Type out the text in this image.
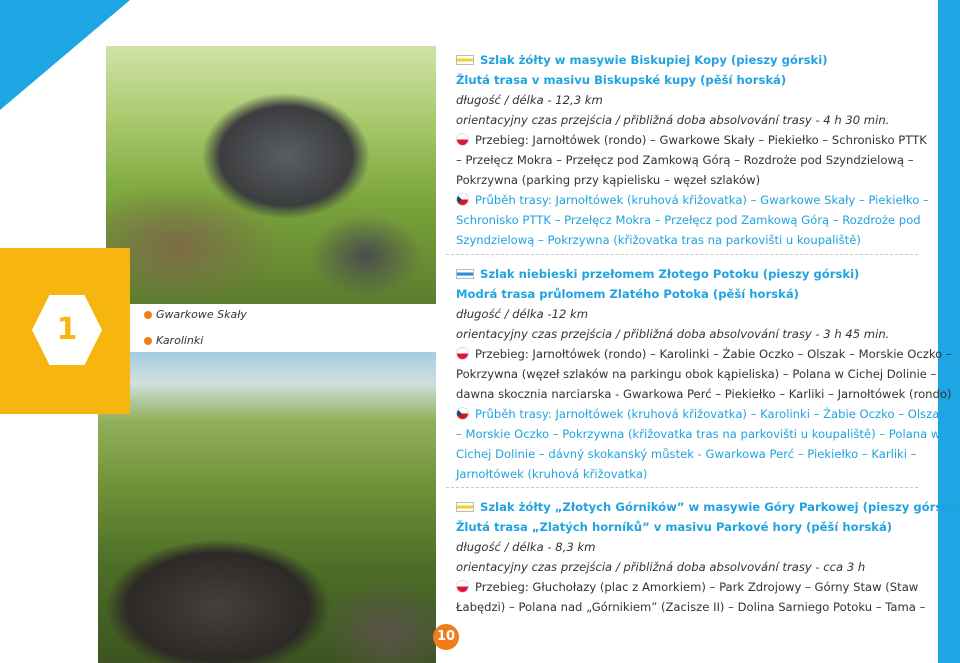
1	Gwarkowe Skały
Karolinki
Szlak żółty w masywie Biskupiej Kopy (pieszy górski)
Žlutá trasa v masivu Biskupské kupy (pěší horská)
długość / délka - 12,3 km
orientacyjny czas przejścia / přibližná doba absolvování trasy - 4 h 30 min.
Przebieg: Jarnołtówek (rondo) – Gwarkowe Skały – Piekiełko – Schronisko PTTK
– Przełęcz Mokra – Przełęcz pod Zamkową Górą – Rozdroże pod Szyndzielową –
Pokrzywna (parking przy kąpielisku – węzeł szlaków)
Průběh trasy: Jarnołtówek (kruhová křižovatka) – Gwarkowe Skały – Piekiełko –
Schronisko PTTK – Przełęcz Mokra – Przełęcz pod Zamkową Górą – Rozdroże pod
Szyndzielową – Pokrzywna (křižovatka tras na parkovišti u koupaliště)
Szlak niebieski przełomem Złotego Potoku (pieszy górski)
Modrá trasa průlomem Zlatého Potoka (pěší horská)
długość / délka -12 km
orientacyjny czas przejścia / přibližná doba absolvování trasy - 3 h 45 min.
Przebieg: Jarnołtówek (rondo) – Karolinki – Żabie Oczko – Olszak – Morskie Oczko –
Pokrzywna (węzeł szlaków na parkingu obok kąpieliska) – Polana w Cichej Dolinie –
dawna skocznia narciarska - Gwarkowa Perć – Piekiełko – Karliki – Jarnołtówek (rondo)
Průběh trasy: Jarnołtówek (kruhová křižovatka) – Karolinki – Żabie Oczko – Olszak
– Morskie Oczko – Pokrzywna (křižovatka tras na parkovišti u koupaliště) – Polana w
Cichej Dolinie – dávný skokanský můstek - Gwarkowa Perć – Piekiełko – Karliki –
Jarnołtówek (kruhová křižovatka)
Szlak żółty „Złotych Górników” w masywie Góry Parkowej (pieszy górski)
Žlutá trasa „Zlatých horníků” v masivu Parkové hory (pěší horská)
długość / délka - 8,3 km
orientacyjny czas przejścia / přibližná doba absolvování trasy - cca 3 h
Przebieg: Głuchołazy (plac z Amorkiem) – Park Zdrojowy – Górny Staw (Staw
Łabędzi) – Polana nad „Górnikiem” (Zacisze II) – Dolina Sarniego Potoku – Tama –
10
